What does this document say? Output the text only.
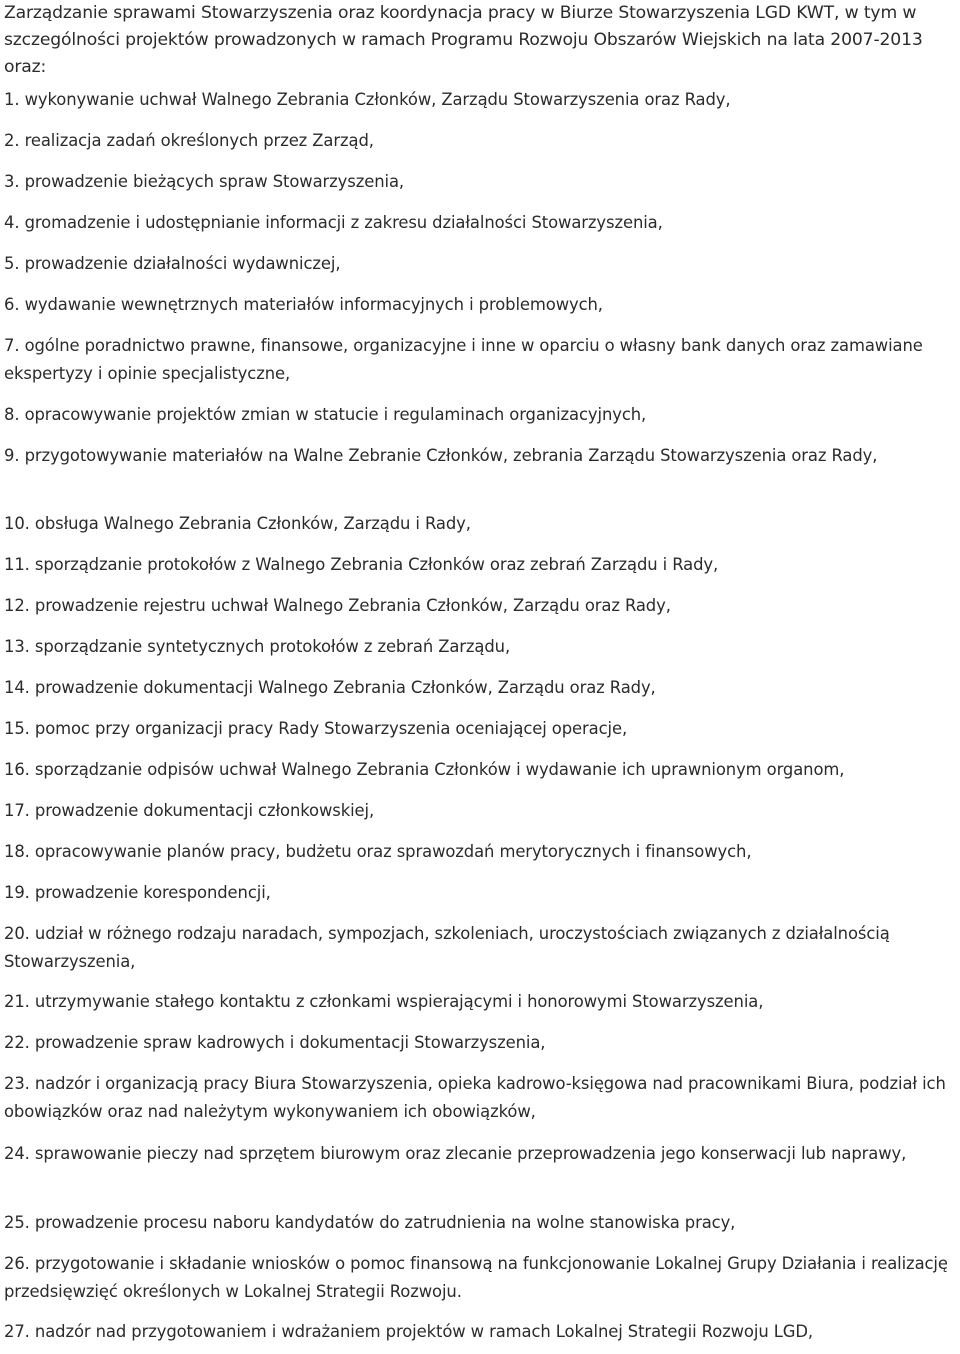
Zarządzanie sprawami Stowarzyszenia oraz koordynacja pracy w Biurze Stowarzyszenia LGD KWT, w tym w szczególności projektów prowadzonych w ramach Programu Rozwoju Obszarów Wiejskich na lata 2007-2013 oraz:

1. wykonywanie uchwał Walnego Zebrania Członków, Zarządu Stowarzyszenia oraz Rady,
2. realizacja zadań określonych przez Zarząd,
3. prowadzenie bieżących spraw Stowarzyszenia,
4. gromadzenie i udostępnianie informacji z zakresu działalności Stowarzyszenia,
5. prowadzenie działalności wydawniczej,
6. wydawanie wewnętrznych materiałów informacyjnych i problemowych,
7. ogólne poradnictwo prawne, finansowe, organizacyjne i inne w oparciu o własny bank danych oraz zamawiane ekspertyzy i opinie specjalistyczne,
8. opracowywanie projektów zmian w statucie i regulaminach organizacyjnych,
9. przygotowywanie materiałów na Walne Zebranie Członków, zebrania Zarządu Stowarzyszenia oraz Rady,
10. obsługa Walnego Zebrania Członków, Zarządu i Rady,
11. sporządzanie protokołów z Walnego Zebrania Członków oraz zebrań Zarządu i Rady,
12. prowadzenie rejestru uchwał Walnego Zebrania Członków, Zarządu oraz Rady,
13. sporządzanie syntetycznych protokołów z zebrań Zarządu,
14. prowadzenie dokumentacji Walnego Zebrania Członków, Zarządu oraz Rady,
15. pomoc przy organizacji pracy Rady Stowarzyszenia oceniającej operacje,
16. sporządzanie odpisów uchwał Walnego Zebrania Członków i wydawanie ich uprawnionym organom,
17. prowadzenie dokumentacji członkowskiej,
18. opracowywanie planów pracy, budżetu oraz sprawozdań merytorycznych i finansowych,
19. prowadzenie korespondencji,
20. udział w różnego rodzaju naradach, sympozjach, szkoleniach, uroczystościach związanych z działalnością Stowarzyszenia,
21. utrzymywanie stałego kontaktu z członkami wspierającymi i honorowymi Stowarzyszenia,
22. prowadzenie spraw kadrowych i dokumentacji Stowarzyszenia,
23. nadzór i organizacją pracy Biura Stowarzyszenia, opieka kadrowo-księgowa nad pracownikami Biura, podział ich obowiązków oraz nad należytym wykonywaniem ich obowiązków,
24. sprawowanie pieczy nad sprzętem biurowym oraz zlecanie przeprowadzenia jego konserwacji lub naprawy,
25. prowadzenie procesu naboru kandydatów do zatrudnienia na wolne stanowiska pracy,
26. przygotowanie i składanie wniosków o pomoc finansową na funkcjonowanie Lokalnej Grupy Działania i realizację przedsięwzięć określonych w Lokalnej Strategii Rozwoju.
27. nadzór nad przygotowaniem i wdrażaniem projektów w ramach Lokalnej Strategii Rozwoju LGD,
